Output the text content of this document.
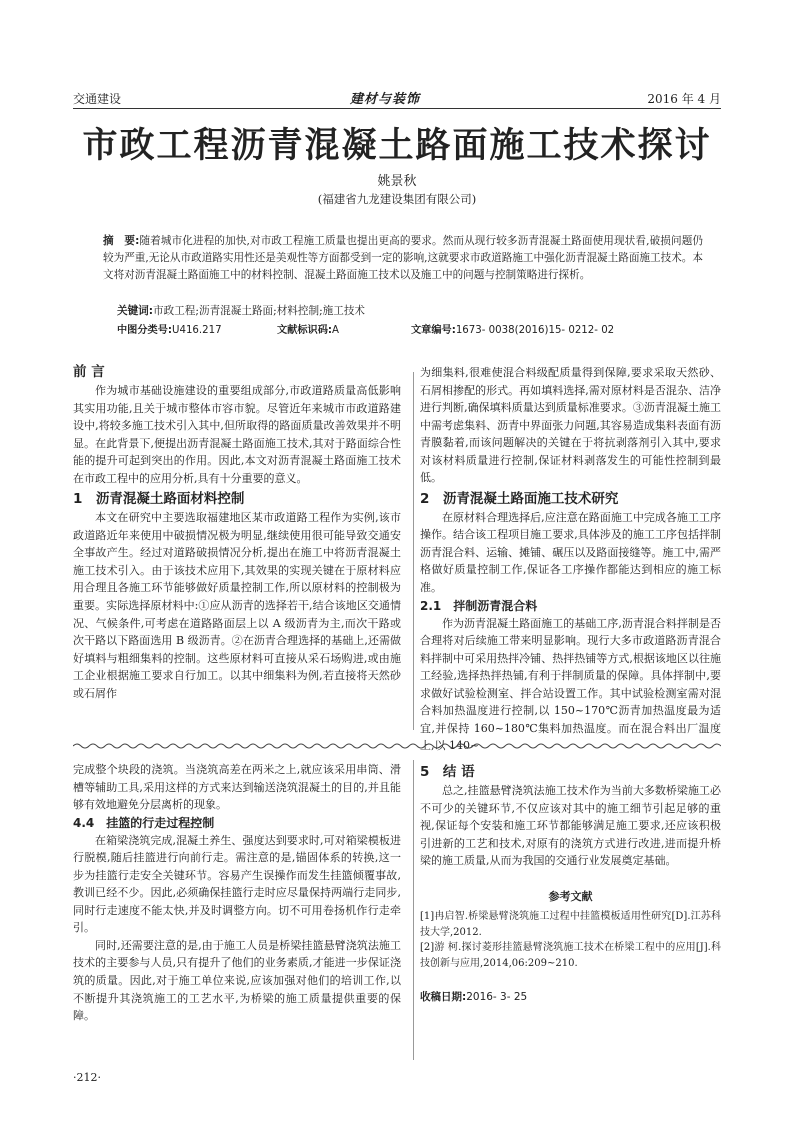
交通建设	建材与装饰	2016 年 4 月
市政工程沥青混凝土路面施工技术探讨
姚景秋
(福建省九龙建设集团有限公司)
摘　要:随着城市化进程的加快,对市政工程施工质量也提出更高的要求。然而从现行较多沥青混凝土路面使用现状看,破损问题仍较为严重,无论从市政道路实用性还是美观性等方面都受到一定的影响,这就要求市政道路施工中强化沥青混凝土路面施工技术。本文将对沥青混凝土路面施工中的材料控制、混凝土路面施工技术以及施工中的问题与控制策略进行探析。
关键词:市政工程;沥青混凝土路面;材料控制;施工技术
中图分类号:U416.217	文献标识码:A	文章编号:1673- 0038(2016)15- 0212- 02
前 言

作为城市基础设施建设的重要组成部分,市政道路质量高低影响其实用功能,且关于城市整体市容市貌。尽管近年来城市市政道路建设中,将较多施工技术引入其中,但所取得的路面质量改善效果并不明显。在此背景下,便提出沥青混凝土路面施工技术,其对于路面综合性能的提升可起到突出的作用。因此,本文对沥青混凝土路面施工技术在市政工程中的应用分析,具有十分重要的意义。

1　沥青混凝土路面材料控制

本文在研究中主要选取福建地区某市政道路工程作为实例,该市政道路近年来使用中破损情况极为明显,继续使用很可能导致交通安全事故产生。经过对道路破损情况分析,提出在施工中将沥青混凝土施工技术引入。由于该技术应用下,其效果的实现关键在于原材料应用合理且各施工环节能够做好质量控制工作,所以原材料的控制极为重要。实际选择原材料中:①应从沥青的选择若干,结合该地区交通情况、气候条件,可考虑在道路路面层上以 A 级沥青为主,而次干路或次干路以下路面选用 B 级沥青。②在沥青合理选择的基础上,还需做好填料与粗细集料的控制。这些原材料可直接从采石场购进,或由施工企业根据施工要求自行加工。以其中细集料为例,若直接将天然砂或石屑作

为细集料,很难使混合料级配质量得到保障,要求采取天然砂、石屑相掺配的形式。再如填料选择,需对原材料是否混杂、洁净进行判断,确保填料质量达到质量标准要求。③沥青混凝土施工中需考虑集料、沥青中界面张力问题,其容易造成集料表面有沥青膜黏着,而该问题解决的关键在于将抗剥落剂引入其中,要求对该材料质量进行控制,保证材料剥落发生的可能性控制到最低。

2　沥青混凝土路面施工技术研究

在原材料合理选择后,应注意在路面施工中完成各施工工序操作。结合该工程项目施工要求,具体涉及的施工工序包括拌制沥青混合料、运输、摊铺、碾压以及路面接缝等。施工中,需严格做好质量控制工作,保证各工序操作都能达到相应的施工标准。

2.1　拌制沥青混合料

作为沥青混凝土路面施工的基础工序,沥青混合料拌制是否合理将对后续施工带来明显影响。现行大多市政道路沥青混合料拌制中可采用热拌冷铺、热拌热铺等方式,根据该地区以往施工经验,选择热拌热铺,有利于拌制质量的保障。具体拌制中,要求做好试验检测室、拌合站设置工作。其中试验检测室需对混合料加热温度进行控制,以 150~170℃沥青加热温度最为适宜,并保持 160~180℃集料加热温度。而在混合料出厂温度上,以 140~

完成整个块段的浇筑。当浇筑高差在两米之上,就应该采用串筒、滑槽等辅助工具,采用这样的方式来达到输送浇筑混凝土的目的,并且能够有效地避免分层离析的现象。

4.4　挂篮的行走过程控制

在箱梁浇筑完成,混凝土养生、强度达到要求时,可对箱梁模板进行脱模,随后挂篮进行向前行走。需注意的是,锚固体系的转换,这一步为挂篮行走安全关键环节。容易产生误操作而发生挂篮倾覆事故,教训已经不少。因此,必须确保挂篮行走时应尽量保持两端行走同步,同时行走速度不能太快,并及时调整方向。切不可用卷扬机作行走牵引。

同时,还需要注意的是,由于施工人员是桥梁挂篮悬臂浇筑法施工技术的主要参与人员,只有提升了他们的业务素质,才能进一步保证浇筑的质量。因此,对于施工单位来说,应该加强对他们的培训工作,以不断提升其浇筑施工的工艺水平,为桥梁的施工质量提供重要的保障。

5　结 语

总之,挂篮悬臂浇筑法施工技术作为当前大多数桥梁施工必不可少的关键环节,不仅应该对其中的施工细节引起足够的重视,保证每个安装和施工环节都能够满足施工要求,还应该积极引进新的工艺和技术,对原有的浇筑方式进行改进,进而提升桥梁的施工质量,从而为我国的交通行业发展奠定基础。

参考文献

[1]冉启智.桥梁悬臂浇筑施工过程中挂篮模板适用性研究[D].江苏科技大学,2012.

[2]游 柯.探讨菱形挂篮悬臂浇筑施工技术在桥梁工程中的应用[J].科技创新与应用,2014,06:209~210.

收稿日期:2016- 3- 25
·212·
